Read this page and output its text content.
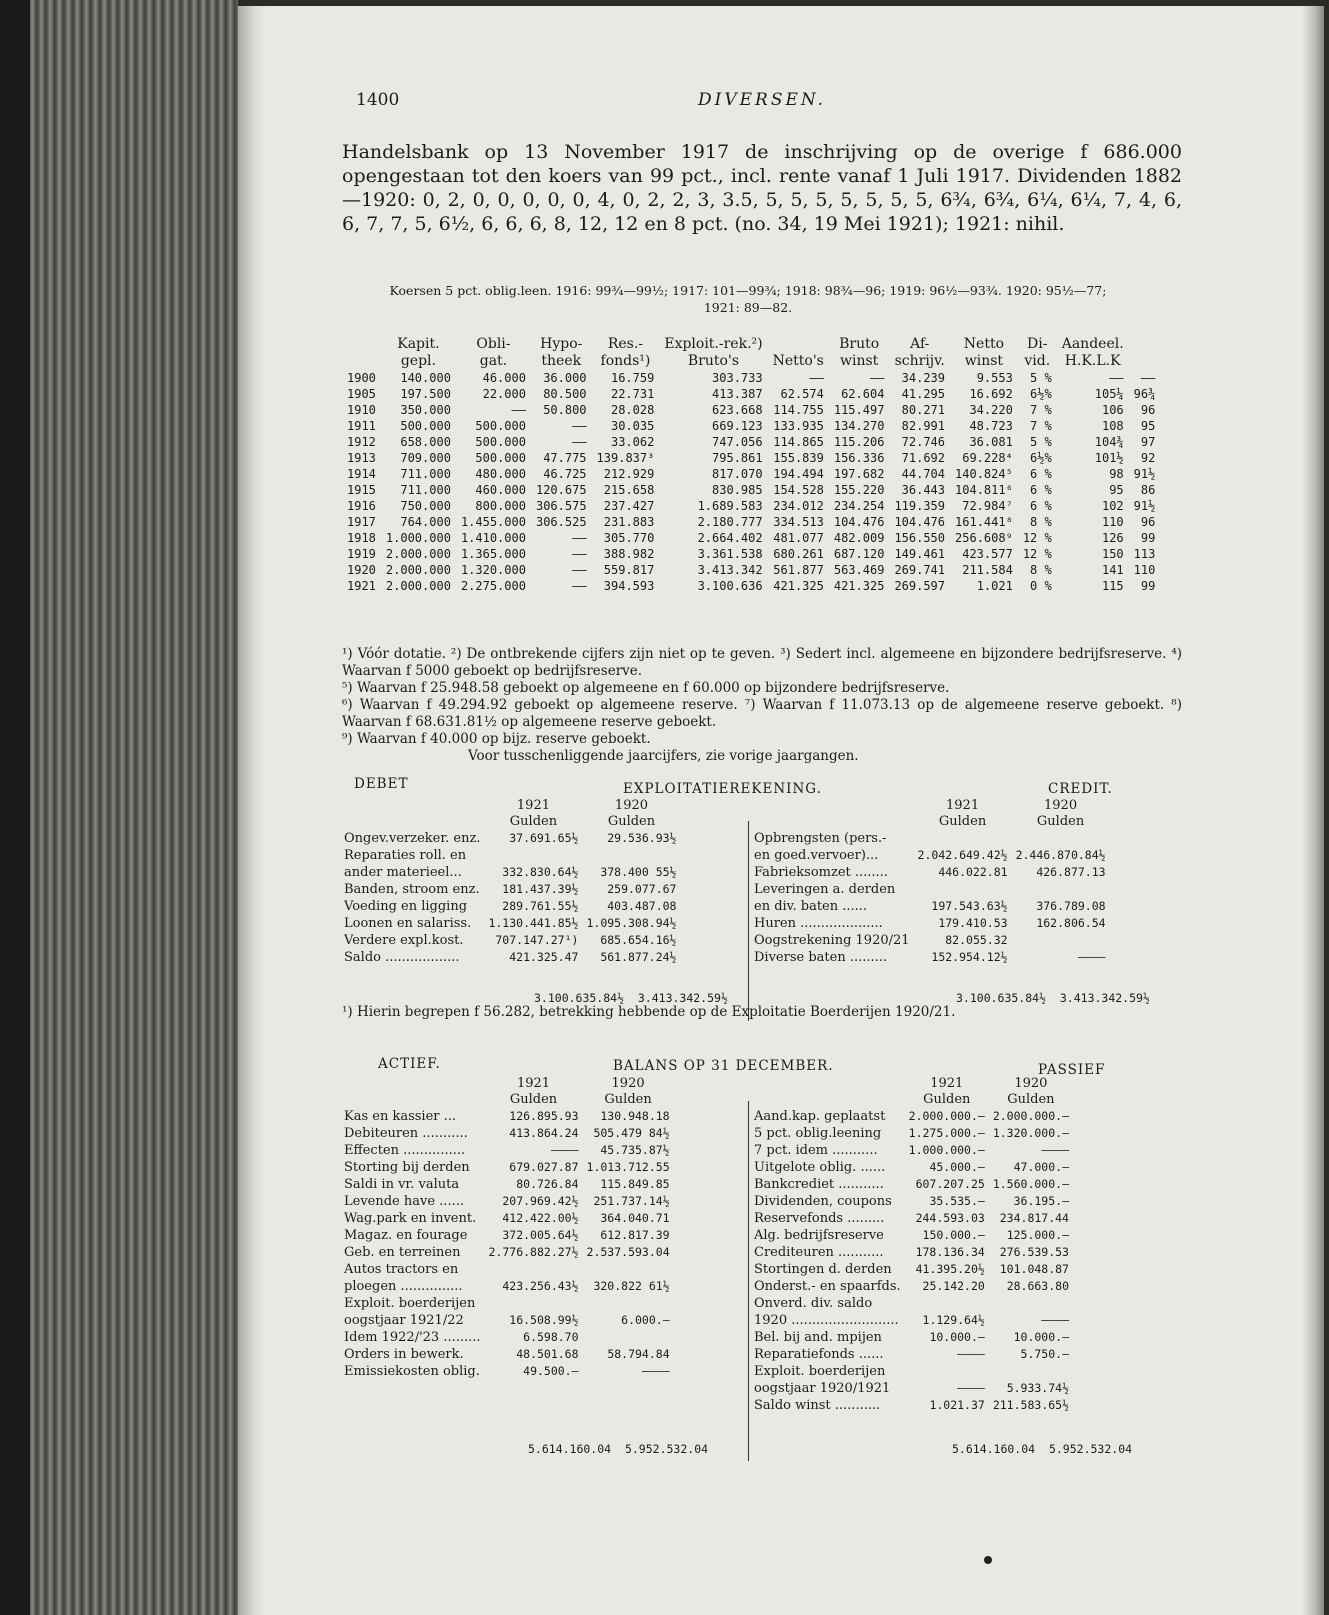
1400	DIVERSEN.

Handelsbank op 13 November 1917 de inschrijving op de overige f 686.000 opengestaan tot den koers van 99 pct., incl. rente vanaf 1 Juli 1917. Dividenden 1882—1920: 0, 2, 0, 0, 0, 0, 0, 4, 0, 2, 2, 3, 3.5, 5, 5, 5, 5, 5, 5, 5, 6¾, 6¾, 6¼, 6¼, 7, 4, 6, 6, 7, 7, 5, 6½, 6, 6, 6, 8, 12, 12 en 8 pct. (no. 34, 19 Mei 1921); 1921: nihil.

Koersen 5 pct. oblig.leen. 1916: 99¾—99½; 1917: 101—99¾; 1918: 98¾—96; 1919: 96½—93¾. 1920: 95½—77; 1921: 89—82.
	Kapit.	Obli-	Hypo-	Res.-	Exploit.-rek.²)		Bruto	Af-	Netto	Di-	Aandeel.	
	gepl.	gat.	theek	fonds¹)	Bruto's	Netto's	winst	schrijv.	winst	vid.	H.K.L.K	
1900	140.000	46.000	36.000	16.759	303.733	——	——	34.239	9.553	5 %	——	——
1905	197.500	22.000	80.500	22.731	413.387	62.574	62.604	41.295	16.692	6½%	105¼	96¾
1910	350.000	——	50.800	28.028	623.668	114.755	115.497	80.271	34.220	7 %	106	96
1911	500.000	500.000	——	30.035	669.123	133.935	134.270	82.991	48.723	7 %	108	95
1912	658.000	500.000	——	33.062	747.056	114.865	115.206	72.746	36.081	5 %	104¾	97
1913	709.000	500.000	47.775	139.837³	795.861	155.839	156.336	71.692	69.228⁴	6½%	101½	92
1914	711.000	480.000	46.725	212.929	817.070	194.494	197.682	44.704	140.824⁵	6 %	98	91½
1915	711.000	460.000	120.675	215.658	830.985	154.528	155.220	36.443	104.811⁶	6 %	95	86
1916	750.000	800.000	306.575	237.427	1.689.583	234.012	234.254	119.359	72.984⁷	6 %	102	91½
1917	764.000	1.455.000	306.525	231.883	2.180.777	334.513	104.476	104.476	161.441⁸	8 %	110	96
1918	1.000.000	1.410.000	——	305.770	2.664.402	481.077	482.009	156.550	256.608⁹	12 %	126	99
1919	2.000.000	1.365.000	——	388.982	3.361.538	680.261	687.120	149.461	423.577	12 %	150	113
1920	2.000.000	1.320.000	——	559.817	3.413.342	561.877	563.469	269.741	211.584	8 %	141	110
1921	2.000.000	2.275.000	——	394.593	3.100.636	421.325	421.325	269.597	1.021	0 %	115	99

¹) Vóór dotatie. ²) De ontbrekende cijfers zijn niet op te geven. ³) Sedert incl. algemeene en bijzondere bedrijfsreserve. ⁴) Waarvan f 5000 geboekt op bedrijfsreserve.

⁵) Waarvan f 25.948.58 geboekt op algemeene en f 60.000 op bijzondere bedrijfsreserve.

⁶) Waarvan f 49.294.92 geboekt op algemeene reserve. ⁷) Waarvan f 11.073.13 op de algemeene reserve geboekt. ⁸) Waarvan f 68.631.81½ op algemeene reserve geboekt.

⁹) Waarvan f 40.000 op bijz. reserve geboekt.

Voor tusschenliggende jaarcijfers, zie vorige jaargangen.
DEBET	EXPLOITATIEREKENING.	CREDIT.
	1921
Gulden	1920
Gulden
Ongev.verzeker. enz.	37.691.65½	29.536.93½
Reparaties roll. en		
ander materieel...	332.830.64½	378.400 55½
Banden, stroom enz.	181.437.39½	259.077.67
Voeding en ligging	289.761.55½	403.487.08
Loonen en salariss.	1.130.441.85½	1.095.308.94½
Verdere expl.kost.	707.147.27¹)	685.654.16½
Saldo ..................	421.325.47	561.877.24½
	1921
Gulden	1920
Gulden
Opbrengsten (pers.-		
en goed.vervoer)...	2.042.649.42½	2.446.870.84½
Fabrieksomzet ........	446.022.81	426.877.13
Leveringen a. derden		
en div. baten ......	197.543.63½	376.789.08
Huren ....................	179.410.53	162.806.54
Oogstrekening 1920/21	82.055.32	
Diverse baten .........	152.954.12½	————
3.100.635.84½ 3.413.342.59½	3.100.635.84½ 3.413.342.59½
¹) Hierin begrepen f 56.282, betrekking hebbende op de Exploitatie Boerderijen 1920/21.
ACTIEF.	BALANS OP 31 DECEMBER.	PASSIEF
	1921
Gulden	1920
Gulden
Kas en kassier ...	126.895.93	130.948.18
Debiteuren ...........	413.864.24	505.479 84½
Effecten ...............	————	45.735.87½
Storting bij derden	679.027.87	1.013.712.55
Saldi in vr. valuta	80.726.84	115.849.85
Levende have ......	207.969.42½	251.737.14½
Wag.park en invent.	412.422.00½	364.040.71
Magaz. en fourage	372.005.64½	612.817.39
Geb. en terreinen	2.776.882.27½	2.537.593.04
Autos tractors en		
ploegen ...............	423.256.43½	320.822 61½
Exploit. boerderijen		
oogstjaar 1921/22	16.508.99½	6.000.—
Idem 1922/'23 .........	6.598.70	
Orders in bewerk.	48.501.68	58.794.84
Emissiekosten oblig.	49.500.—	————
	1921
Gulden	1920
Gulden
Aand.kap. geplaatst	2.000.000.—	2.000.000.—
5 pct. oblig.leening	1.275.000.—	1.320.000.—
7 pct. idem ...........	1.000.000.—	————
Uitgelote oblig. ......	45.000.—	47.000.—
Bankcrediet ...........	607.207.25	1.560.000.—
Dividenden, coupons	35.535.—	36.195.—
Reservefonds .........	244.593.03	234.817.44
Alg. bedrijfsreserve	150.000.—	125.000.—
Crediteuren ...........	178.136.34	276.539.53
Stortingen d. derden	41.395.20½	101.048.87
Onderst.- en spaarfds.	25.142.20	28.663.80
Onverd. div. saldo		
1920 ..........................	1.129.64½	————
Bel. bij and. mpijen	10.000.—	10.000.—
Reparatiefonds ......	————	5.750.—
Exploit. boerderijen		
oogstjaar 1920/1921	————	5.933.74½
Saldo winst ...........	1.021.37	211.583.65½
5.614.160.04 5.952.532.04	5.614.160.04 5.952.532.04
